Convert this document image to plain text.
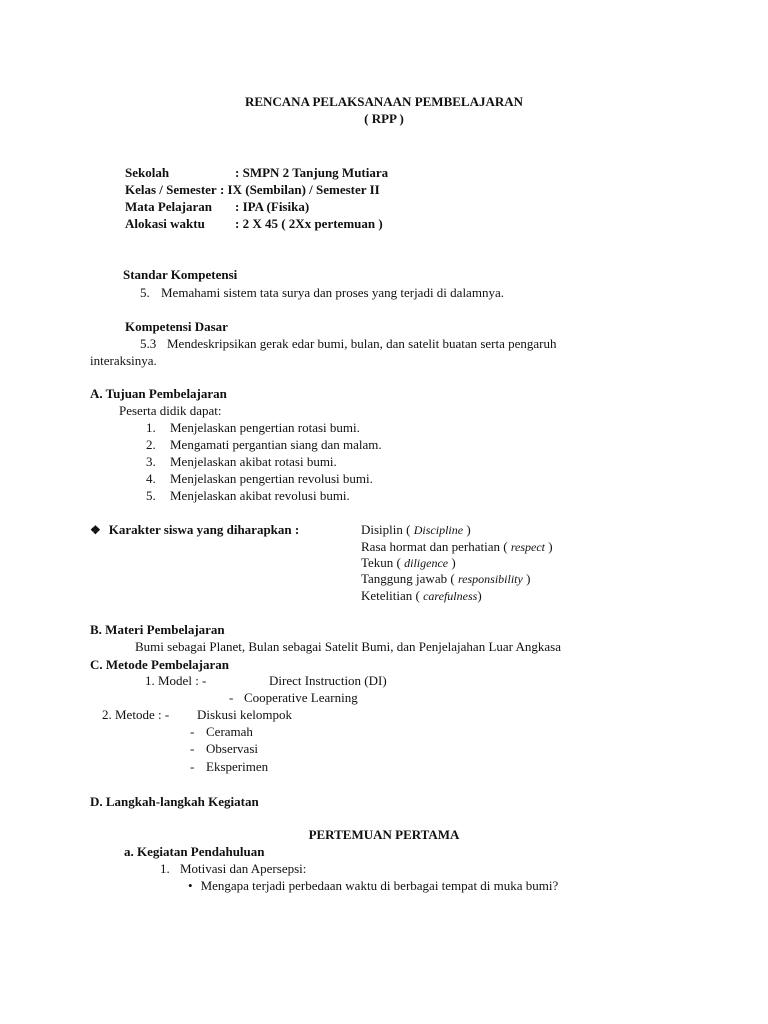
RENCANA PELAKSANAAN PEMBELAJARAN
( RPP )
Sekolah	: SMPN 2 Tanjung Mutiara
Kelas / Semester : IX (Sembilan) / Semester II
Mata Pelajaran : IPA (Fisika)
Alokasi waktu : 2 X 45 ( 2Xx pertemuan )
Standar Kompetensi
5. Memahami sistem tata surya dan proses yang terjadi di dalamnya.
Kompetensi Dasar
5.3 Mendeskripsikan gerak edar bumi, bulan, dan satelit buatan serta pengaruh
interaksinya.
A. Tujuan Pembelajaran
Peserta didik dapat:
1. Menjelaskan pengertian rotasi bumi.
2. Mengamati pergantian siang dan malam.
3. Menjelaskan akibat rotasi bumi.
4. Menjelaskan pengertian revolusi bumi.
5. Menjelaskan akibat revolusi bumi.
❖ Karakter siswa yang diharapkan :	Disiplin ( Discipline )
Rasa hormat dan perhatian ( respect )
Tekun ( diligence )
Tanggung jawab ( responsibility )
Ketelitian ( carefulness)
B. Materi Pembelajaran
Bumi sebagai Planet, Bulan sebagai Satelit Bumi, dan Penjelajahan Luar Angkasa
C. Metode Pembelajaran
1. Model : -	Direct Instruction (DI)
- Cooperative Learning
2. Metode : - Diskusi kelompok
- Ceramah
- Observasi
- Eksperimen
D. Langkah-langkah Kegiatan
PERTEMUAN PERTAMA
a. Kegiatan Pendahuluan
1. Motivasi dan Apersepsi:
• Mengapa terjadi perbedaan waktu di berbagai tempat di muka bumi?
